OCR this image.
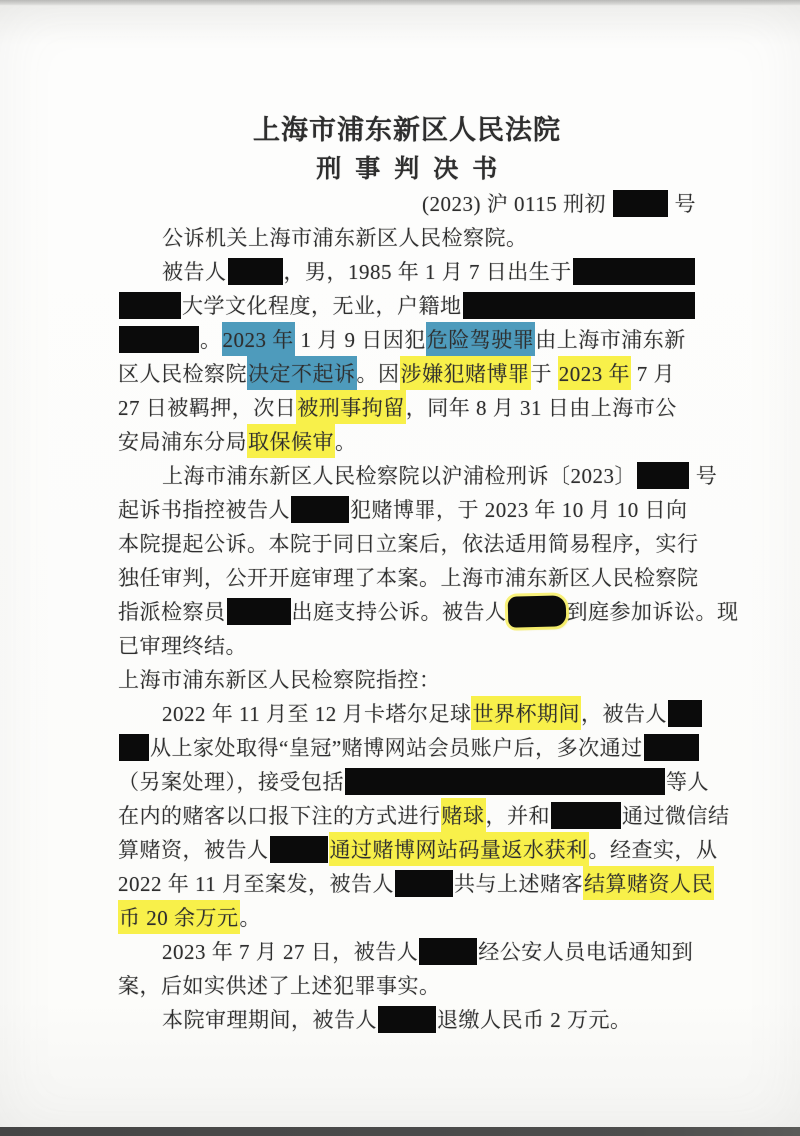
上海市浦东新区人民法院
刑  事  判  决  书
(2023) 沪 0115 刑初	号
公诉机关上海市浦东新区人民检察院。
被告人	，男，1985 年 1 月 7 日出生于
大学文化程度，无业，户籍地
。 2023 年 1 月 9 日因犯 危险驾驶罪 由上海市浦东新
区人民检察院 决定不起诉 。因 涉嫌犯赌博罪 于 2023 年 7 月
27 日被羁押，次日 被刑事拘留 ，同年 8 月 31 日由上海市公
安局浦东分局 取保候审 。
上海市浦东新区人民检察院以沪浦检刑诉〔2023〕	号
起诉书指控被告人	犯赌博罪，于 2023 年 10 月 10 日向
本院提起公诉。本院于同日立案后，依法适用简易程序，实行
独任审判，公开开庭审理了本案。上海市浦东新区人民检察院
指派检察员	出庭支持公诉。被告人	到庭参加诉讼。现
已审理终结。
上海市浦东新区人民检察院指控：
2022 年 11 月至 12 月卡塔尔足球 世界杯期间 ，被告人
从上家处取得“皇冠”赌博网站会员账户后，多次通过
（另案处理），接受包括	等人
在内的赌客以口报下注的方式进行 赌球 ，并和	通过微信结
算赌资，被告人	通过赌博网站码量返水获利 。经查实，从
2022 年 11 月至案发，被告人	共与上述赌客 结算赌资人民
币 20 余万元 。
2023 年 7 月 27 日，被告人	经公安人员电话通知到
案，后如实供述了上述犯罪事实。
本院审理期间，被告人	退缴人民币 2 万元。
